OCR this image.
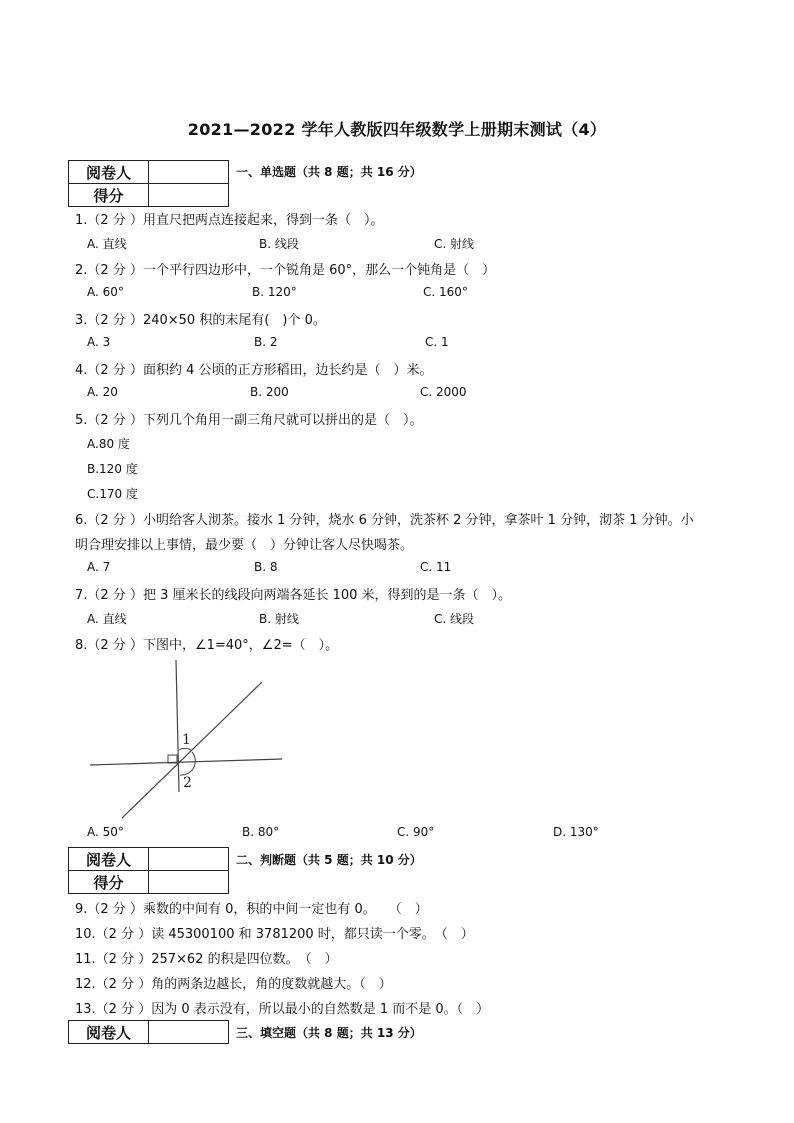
2021—2022 学年人教版四年级数学上册期末测试（4）
阅卷人	
得分	
一、单选题（共 8 题；共 16 分）
1.（2 分 ）用直尺把两点连接起来，得到一条（　）。
A. 直线	B. 线段	C. 射线
2.（2 分 ）一个平行四边形中，一个锐角是 60°，那么一个钝角是（　）
A. 60°	B. 120°	C. 160°
3.（2 分 ）240×50 积的末尾有(　)个 0。
A. 3	B. 2	C. 1
4.（2 分 ）面积约 4 公顷的正方形稻田，边长约是（　）米。
A. 20	B. 200	C. 2000
5.（2 分 ）下列几个角用一副三角尺就可以拼出的是（　）。
A.80 度
B.120 度
C.170 度
6.（2 分 ）小明给客人沏茶。接水 1 分钟，烧水 6 分钟，洗茶杯 2 分钟，拿茶叶 1 分钟，沏茶 1 分钟。小
明合理安排以上事情，最少要（　）分钟让客人尽快喝茶。
A. 7	B. 8	C. 11
7.（2 分 ）把 3 厘米长的线段向两端各延长 100 米，得到的是一条（　）。
A. 直线	B. 射线	C. 线段
8.（2 分 ）下图中，∠1=40°，∠2=（　）。
1
2
A. 50°	B. 80°	C. 90°	D. 130°
阅卷人	
得分	
二、判断题（共 5 题；共 10 分）
9.（2 分 ）乘数的中间有 0，积的中间一定也有 0。　　（　）
10.（2 分 ）读 45300100 和 3781200 时，都只读一个零。　（　）
11.（2 分 ）257×62 的积是四位数。　（　）
12.（2 分 ）角的两条边越长，角的度数就越大。（　）
13.（2 分 ）因为 0 表示没有，所以最小的自然数是 1 而不是 0。（　）
阅卷人		三、填空题（共 8 题；共 13 分）
